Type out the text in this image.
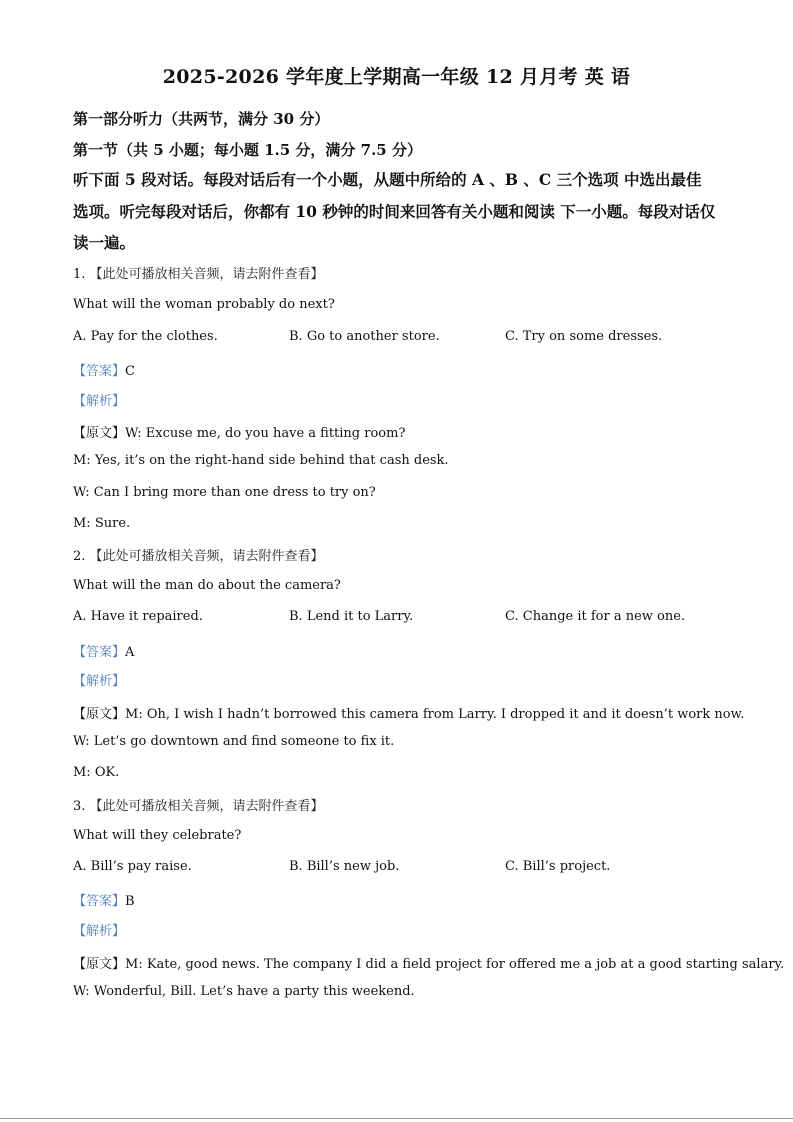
2025-2026 学年度上学期高一年级 12 月月考 英 语
第一部分听力（共两节，满分 30 分）
第一节（共 5 小题；每小题 1.5 分，满分 7.5 分）
听下面 5 段对话。每段对话后有一个小题，从题中所给的 A 、B 、C 三个选项 中选出最佳
选项。听完每段对话后，你都有 10 秒钟的时间来回答有关小题和阅读 下一小题。每段对话仅
读一遍。
1. 【此处可播放相关音频，请去附件查看】
What will the woman probably do next?
A. Pay for the clothes.	B. Go to another store.	C. Try on some dresses.
【答案】C
【解析】
【原文】W: Excuse me, do you have a fitting room?
M: Yes, it’s on the right-hand side behind that cash desk.
W: Can I bring more than one dress to try on?
M: Sure.
2. 【此处可播放相关音频，请去附件查看】
What will the man do about the camera?
A. Have it repaired.	B. Lend it to Larry.	C. Change it for a new one.
【答案】A
【解析】
【原文】M: Oh, I wish I hadn’t borrowed this camera from Larry. I dropped it and it doesn’t work now.
W: Let’s go downtown and find someone to fix it.
M: OK.
3. 【此处可播放相关音频，请去附件查看】
What will they celebrate?
A. Bill’s pay raise.	B. Bill’s new job.	C. Bill’s project.
【答案】B
【解析】
【原文】M: Kate, good news. The company I did a field project for offered me a job at a good starting salary.
W: Wonderful, Bill. Let’s have a party this weekend.
